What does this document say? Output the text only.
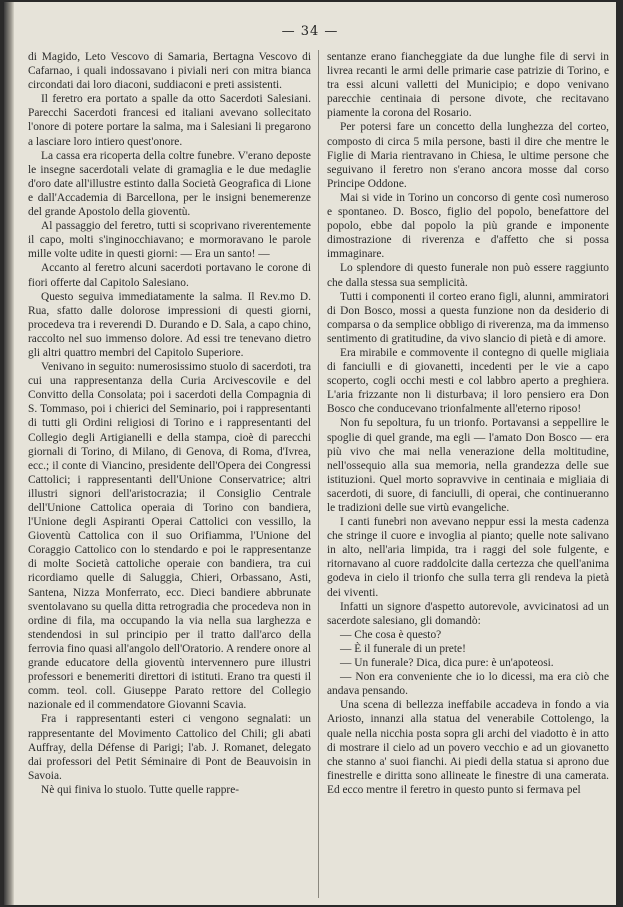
— 34 —

di Magido, Leto Vescovo di Samaria, Bertagna Vescovo di Cafarnao, i quali indossavano i piviali neri con mitra bianca circondati dai loro diaconi, suddiaconi e preti assistenti.

Il feretro era portato a spalle da otto Sacerdoti Salesiani. Parecchi Sacerdoti francesi ed italiani avevano sollecitato l'onore di potere portare la salma, ma i Salesiani li pregarono a lasciare loro intiero quest'onore.

La cassa era ricoperta della coltre funebre. V'erano deposte le insegne sacerdotali velate di gramaglia e le due medaglie d'oro date all'illustre estinto dalla Società Geografica di Lione e dall'Accademia di Barcellona, per le insigni benemerenze del grande Apostolo della gioventù.

Al passaggio del feretro, tutti si scoprivano riverentemente il capo, molti s'inginocchiavano; e mormoravano le parole mille volte udite in questi giorni: — Era un santo! —

Accanto al feretro alcuni sacerdoti portavano le corone di fiori offerte dal Capitolo Salesiano.

Questo seguiva immediatamente la salma. Il Rev.mo D. Rua, sfatto dalle dolorose impressioni di questi giorni, procedeva tra i reverendi D. Durando e D. Sala, a capo chino, raccolto nel suo immenso dolore. Ad essi tre tenevano dietro gli altri quattro membri del Capitolo Superiore.

Venivano in seguito: numerosissimo stuolo di sacerdoti, tra cui una rappresentanza della Curia Arcivescovile e del Convitto della Consolata; poi i sacerdoti della Compagnia di S. Tommaso, poi i chierici del Seminario, poi i rappresentanti di tutti gli Ordini religiosi di Torino e i rappresentanti del Collegio degli Artigianelli e della stampa, cioè di parecchi giornali di Torino, di Milano, di Genova, di Roma, d'Ivrea, ecc.; il conte di Viancino, presidente dell'Opera dei Congressi Cattolici; i rappresentanti dell'Unione Conservatrice; altri illustri signori dell'aristocrazia; il Consiglio Centrale dell'Unione Cattolica operaia di Torino con bandiera, l'Unione degli Aspiranti Operai Cattolici con vessillo, la Gioventù Cattolica con il suo Orifiamma, l'Unione del Coraggio Cattolico con lo stendardo e poi le rappresentanze di molte Società cattoliche operaie con bandiera, tra cui ricordiamo quelle di Saluggia, Chieri, Orbassano, Asti, Santena, Nizza Monferrato, ecc. Dieci bandiere abbrunate sventolavano su quella ditta retrogradia che procedeva non in ordine di fila, ma occupando la via nella sua larghezza e stendendosi in sul principio per il tratto dall'arco della ferrovia fino quasi all'angolo dell'Oratorio. A rendere onore al grande educatore della gioventù intervennero pure illustri professori e benemeriti direttori di istituti. Erano tra questi il comm. teol. coll. Giuseppe Parato rettore del Collegio nazionale ed il commendatore Giovanni Scavia.

Fra i rappresentanti esteri ci vengono segnalati: un rappresentante del Movimento Cattolico del Chili; gli abati Auffray, della Défense di Parigi; l'ab. J. Romanet, delegato dai professori del Petit Séminaire di Pont de Beauvoisin in Savoia.

Nè qui finiva lo stuolo. Tutte quelle rappre-

sentanze erano fiancheggiate da due lunghe file di servi in livrea recanti le armi delle primarie case patrizie di Torino, e tra essi alcuni valletti del Municipio; e dopo venivano parecchie centinaia di persone divote, che recitavano piamente la corona del Rosario.

Per potersi fare un concetto della lunghezza del corteo, composto di circa 5 mila persone, basti il dire che mentre le Figlie di Maria rientravano in Chiesa, le ultime persone che seguivano il feretro non s'erano ancora mosse dal corso Principe Oddone.

Mai si vide in Torino un concorso di gente così numeroso e spontaneo. D. Bosco, figlio del popolo, benefattore del popolo, ebbe dal popolo la più grande e imponente dimostrazione di riverenza e d'affetto che si possa immaginare.

Lo splendore di questo funerale non può essere raggiunto che dalla stessa sua semplicità.

Tutti i componenti il corteo erano figli, alunni, ammiratori di Don Bosco, mossi a questa funzione non da desiderio di comparsa o da semplice obbligo di riverenza, ma da immenso sentimento di gratitudine, da vivo slancio di pietà e di amore.

Era mirabile e commovente il contegno di quelle migliaia di fanciulli e di giovanetti, incedenti per le vie a capo scoperto, cogli occhi mesti e col labbro aperto a preghiera. L'aria frizzante non li disturbava; il loro pensiero era Don Bosco che conducevano trionfalmente all'eterno riposo!

Non fu sepoltura, fu un trionfo. Portavansi a seppellire le spoglie di quel grande, ma egli — l'amato Don Bosco — era più vivo che mai nella venerazione della moltitudine, nell'ossequio alla sua memoria, nella grandezza delle sue istituzioni. Quel morto sopravvive in centinaia e migliaia di sacerdoti, di suore, di fanciulli, di operai, che continueranno le tradizioni delle sue virtù evangeliche.

I canti funebri non avevano neppur essi la mesta cadenza che stringe il cuore e invoglia al pianto; quelle note salivano in alto, nell'aria limpida, tra i raggi del sole fulgente, e ritornavano al cuore raddolcite dalla certezza che quell'anima godeva in cielo il trionfo che sulla terra gli rendeva la pietà dei viventi.

Infatti un signore d'aspetto autorevole, avvicinatosi ad un sacerdote salesiano, gli domandò:

— Che cosa è questo?

— È il funerale di un prete!

— Un funerale? Dica, dica pure: è un'apoteosi.

— Non era conveniente che io lo dicessi, ma era ciò che andava pensando.

Una scena di bellezza ineffabile accadeva in fondo a via Ariosto, innanzi alla statua del venerabile Cottolengo, la quale nella nicchia posta sopra gli archi del viadotto è in atto di mostrare il cielo ad un povero vecchio e ad un giovanetto che stanno a' suoi fianchi. Ai piedi della statua si aprono due finestrelle e diritta sono allineate le finestre di una camerata. Ed ecco mentre il feretro in questo punto si fermava pel
